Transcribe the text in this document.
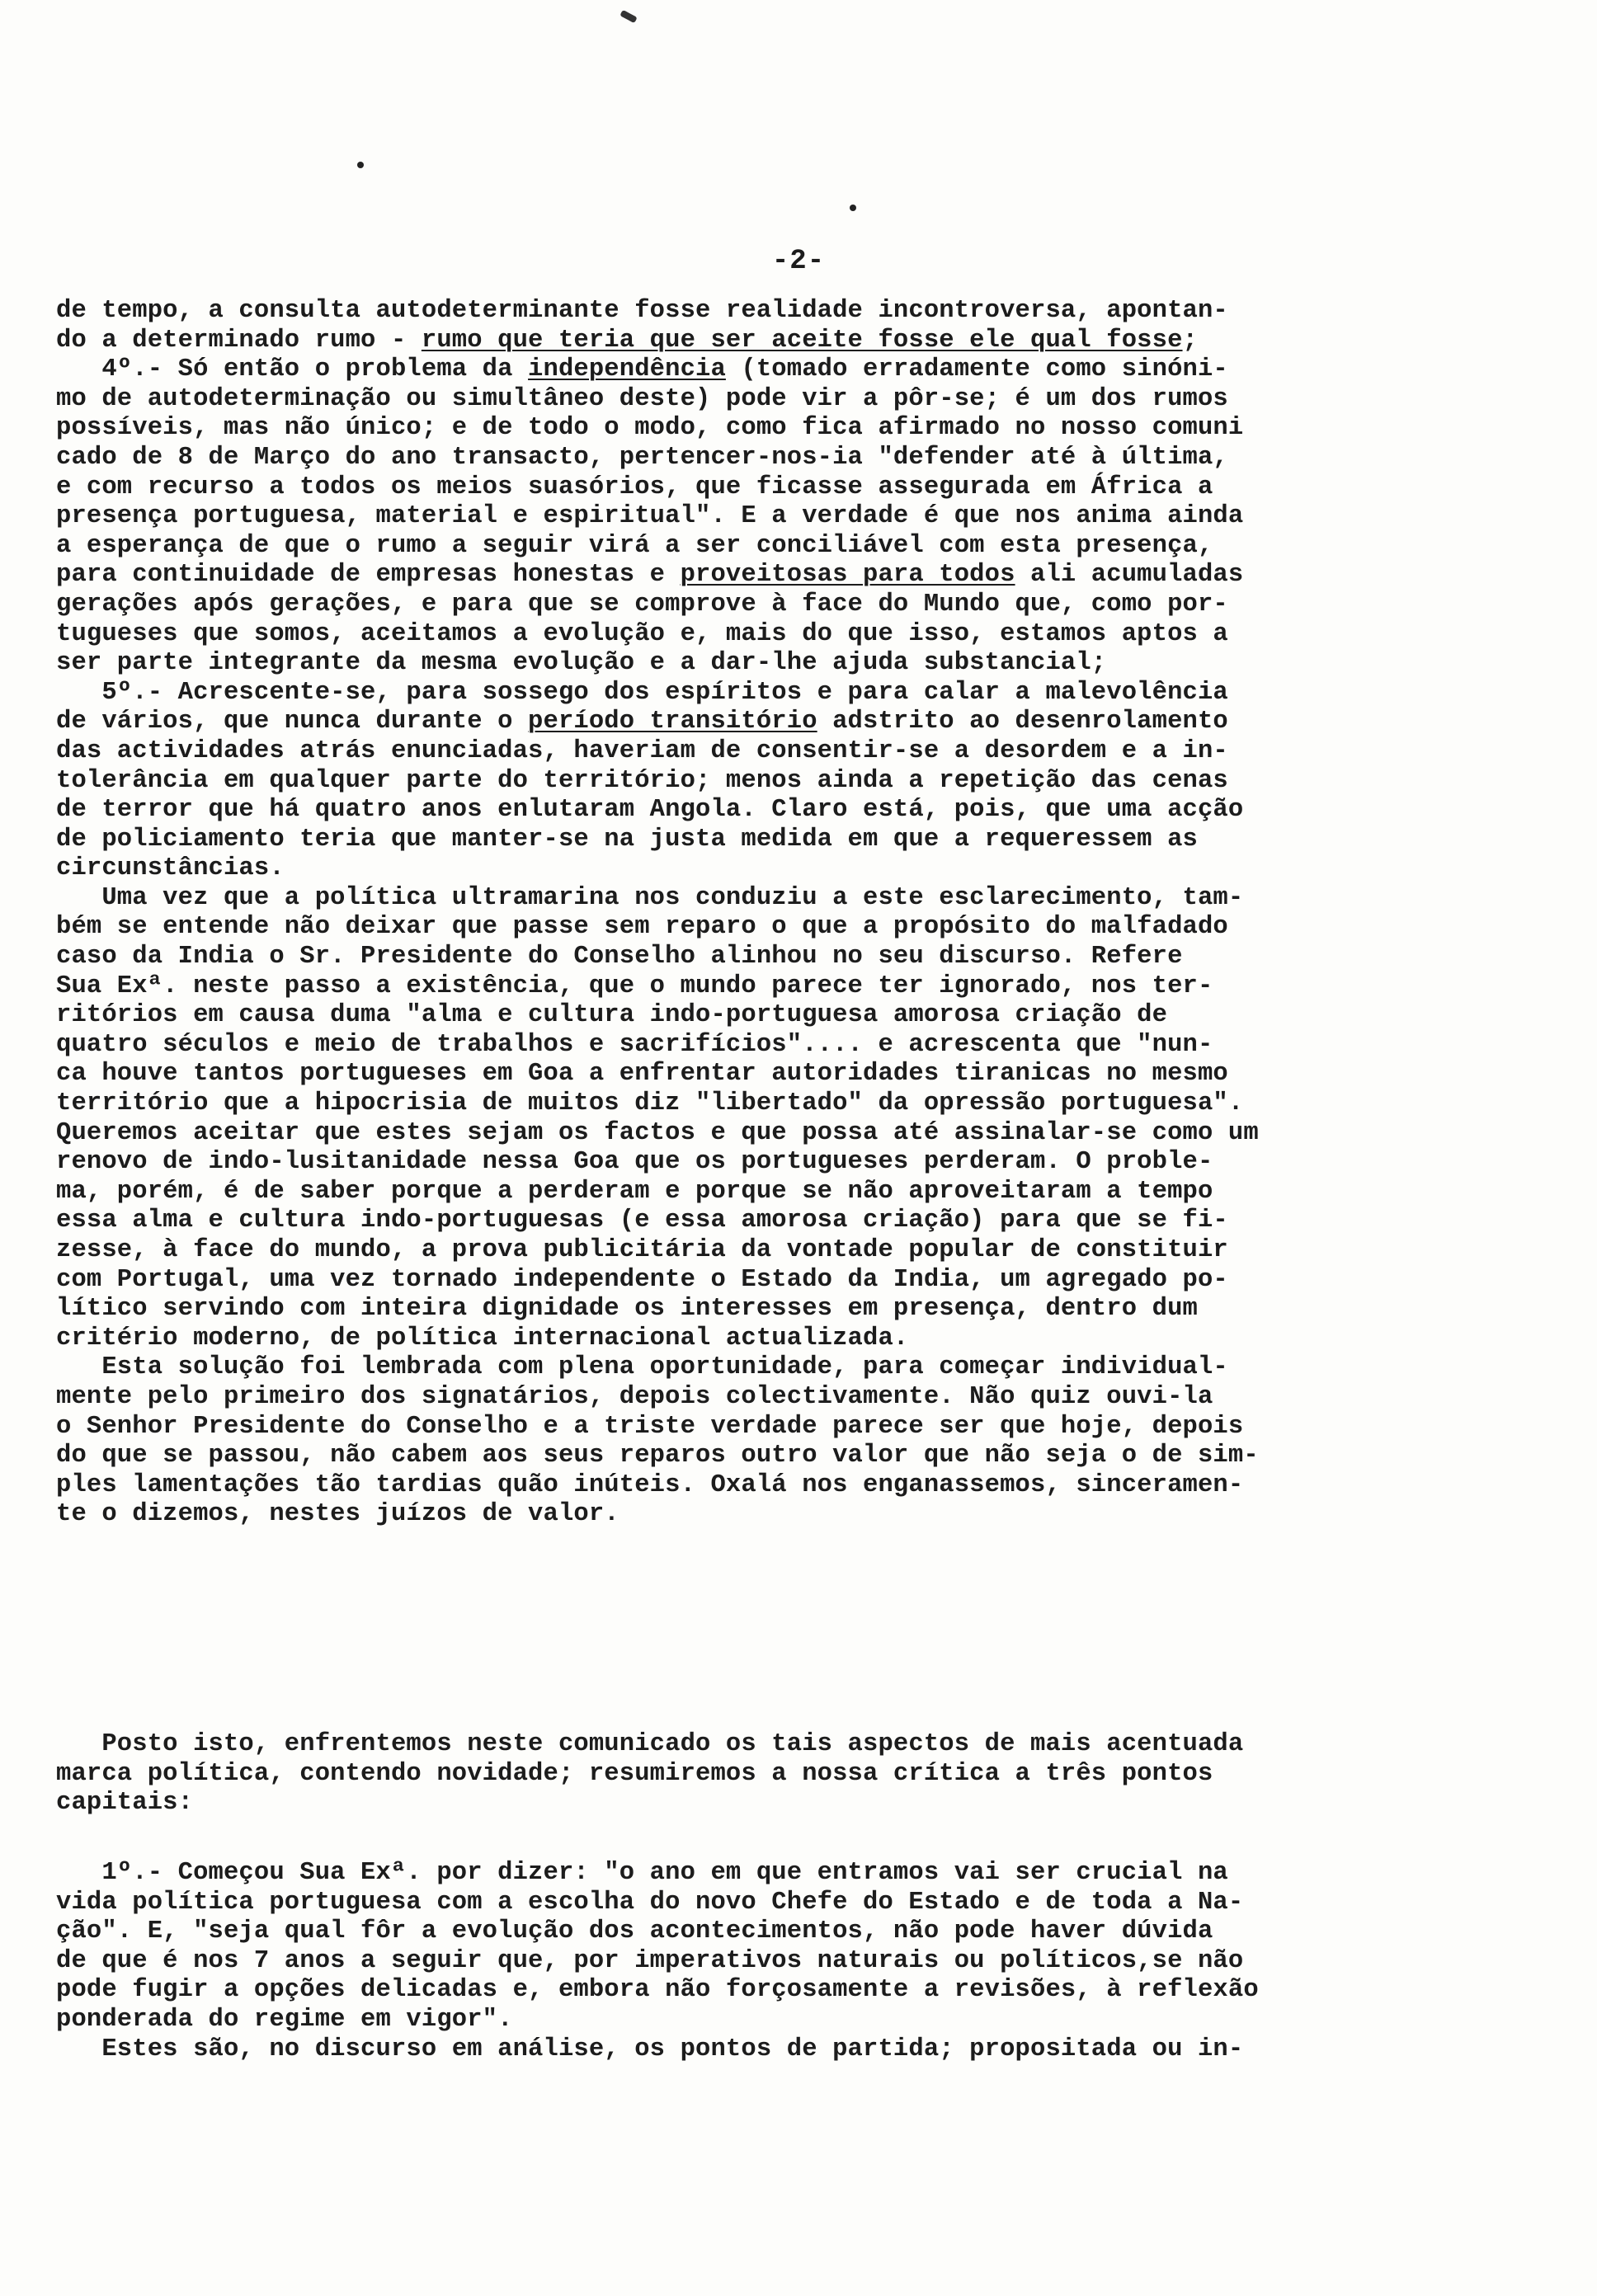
-2-
de tempo, a consulta autodeterminante fosse realidade incontroversa, apontan-
do a determinado rumo - rumo que teria que ser aceite fosse ele qual fosse;
4º.- Só então o problema da independência (tomado erradamente como sinóni-
mo de autodeterminação ou simultâneo deste) pode vir a pôr-se; é um dos rumos
possíveis, mas não único; e de todo o modo, como fica afirmado no nosso comuni
cado de 8 de Março do ano transacto, pertencer-nos-ia "defender até à última,
e com recurso a todos os meios suasórios, que ficasse assegurada em África a
presença portuguesa, material e espiritual". E a verdade é que nos anima ainda
a esperança de que o rumo a seguir virá a ser conciliável com esta presença,
para continuidade de empresas honestas e proveitosas para todos ali acumuladas
gerações após gerações, e para que se comprove à face do Mundo que, como por-
tugueses que somos, aceitamos a evolução e, mais do que isso, estamos aptos a
ser parte integrante da mesma evolução e a dar-lhe ajuda substancial;
5º.- Acrescente-se, para sossego dos espíritos e para calar a malevolência
de vários, que nunca durante o período transitório adstrito ao desenrolamento
das actividades atrás enunciadas, haveriam de consentir-se a desordem e a in-
tolerância em qualquer parte do território; menos ainda a repetição das cenas
de terror que há quatro anos enlutaram Angola. Claro está, pois, que uma acção
de policiamento teria que manter-se na justa medida em que a requeressem as
circunstâncias.
Uma vez que a política ultramarina nos conduziu a este esclarecimento, tam-
bém se entende não deixar que passe sem reparo o que a propósito do malfadado
caso da India o Sr. Presidente do Conselho alinhou no seu discurso. Refere
Sua Exª. neste passo a existência, que o mundo parece ter ignorado, nos ter-
ritórios em causa duma "alma e cultura indo-portuguesa amorosa criação de
quatro séculos e meio de trabalhos e sacrifícios".... e acrescenta que "nun-
ca houve tantos portugueses em Goa a enfrentar autoridades tiranicas no mesmo
território que a hipocrisia de muitos diz "libertado" da opressão portuguesa".
Queremos aceitar que estes sejam os factos e que possa até assinalar-se como um
renovo de indo-lusitanidade nessa Goa que os portugueses perderam. O proble-
ma, porém, é de saber porque a perderam e porque se não aproveitaram a tempo
essa alma e cultura indo-portuguesas (e essa amorosa criação) para que se fi-
zesse, à face do mundo, a prova publicitária da vontade popular de constituir
com Portugal, uma vez tornado independente o Estado da India, um agregado po-
lítico servindo com inteira dignidade os interesses em presença, dentro dum
critério moderno, de política internacional actualizada.
Esta solução foi lembrada com plena oportunidade, para começar individual-
mente pelo primeiro dos signatários, depois colectivamente. Não quiz ouvi-la
o Senhor Presidente do Conselho e a triste verdade parece ser que hoje, depois
do que se passou, não cabem aos seus reparos outro valor que não seja o de sim-
ples lamentações tão tardias quão inúteis. Oxalá nos enganassemos, sinceramen-
te o dizemos, nestes juízos de valor.
Posto isto, enfrentemos neste comunicado os tais aspectos de mais acentuada
marca política, contendo novidade; resumiremos a nossa crítica a três pontos
capitais:
1º.- Começou Sua Exª. por dizer: "o ano em que entramos vai ser crucial na
vida política portuguesa com a escolha do novo Chefe do Estado e de toda a Na-
ção". E, "seja qual fôr a evolução dos acontecimentos, não pode haver dúvida
de que é nos 7 anos a seguir que, por imperativos naturais ou políticos,se não
pode fugir a opções delicadas e, embora não forçosamente a revisões, à reflexão
ponderada do regime em vigor".
Estes são, no discurso em análise, os pontos de partida; propositada ou in-
